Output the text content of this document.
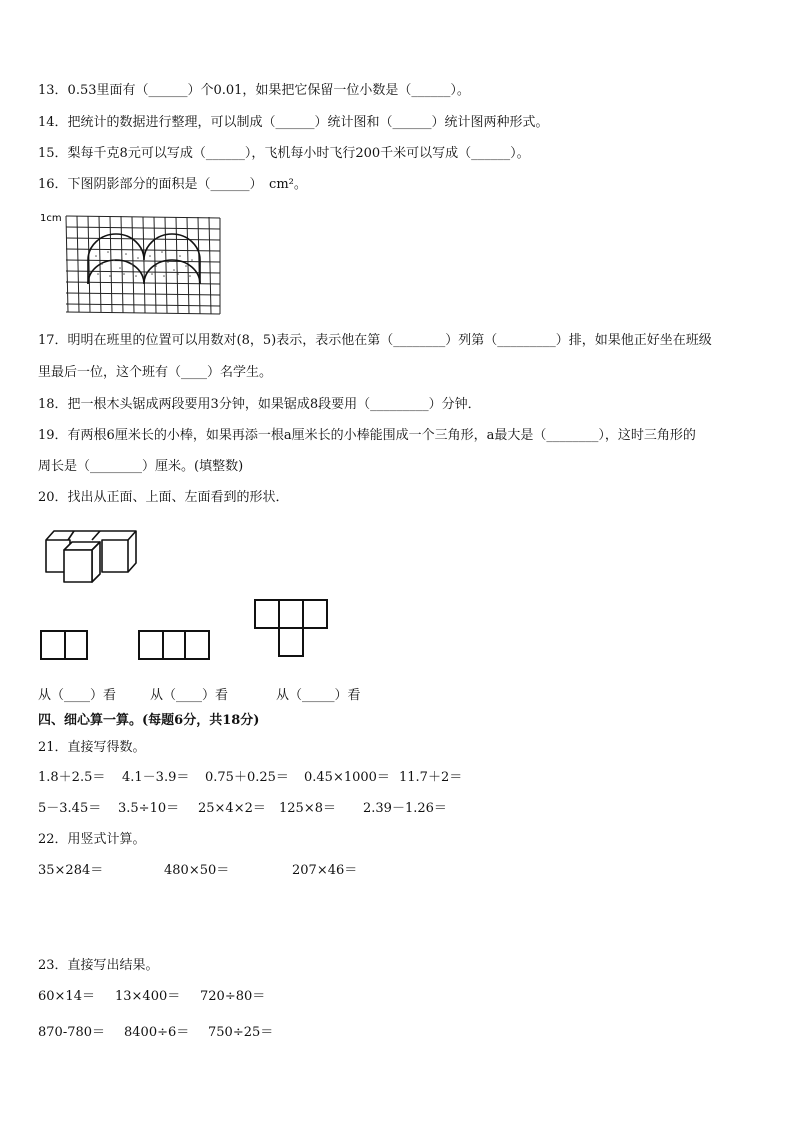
13．0.53里面有（______）个0.01，如果把它保留一位小数是（______）。
14．把统计的数据进行整理，可以制成（______）统计图和（______）统计图两种形式。
15．梨每千克8元可以写成（______），飞机每小时飞行200千米可以写成（______）。
16．下图阴影部分的面积是（______）　cm²。
1cm
17．明明在班里的位置可以用数对(8，5)表示，表示他在第（________）列第（_________）排，如果他正好坐在班级
里最后一位，这个班有（____）名学生。
18．把一根木头锯成两段要用3分钟，如果锯成8段要用（_________）分钟．
19．有两根6厘米长的小棒，如果再添一根a厘米长的小棒能围成一个三角形，a最大是（________），这时三角形的
周长是（________）厘米。(填整数)
20．找出从正面、上面、左面看到的形状．
从（____）看	从（____）看	从（_____）看
四、细心算一算。(每题6分，共18分)
21．直接写得数。
1.8＋2.5＝ 4.1－3.9＝ 0.75＋0.25＝ 0.45×1000＝ 11.7＋2＝
5－3.45＝ 3.5÷10＝ 25×4×2＝ 125×8＝ 2.39－1.26＝
22．用竖式计算。
35×284＝	480×50＝	207×46＝
23．直接写出结果。
60×14＝ 13×400＝ 720÷80＝
870-780＝ 8400÷6＝ 750÷25＝
